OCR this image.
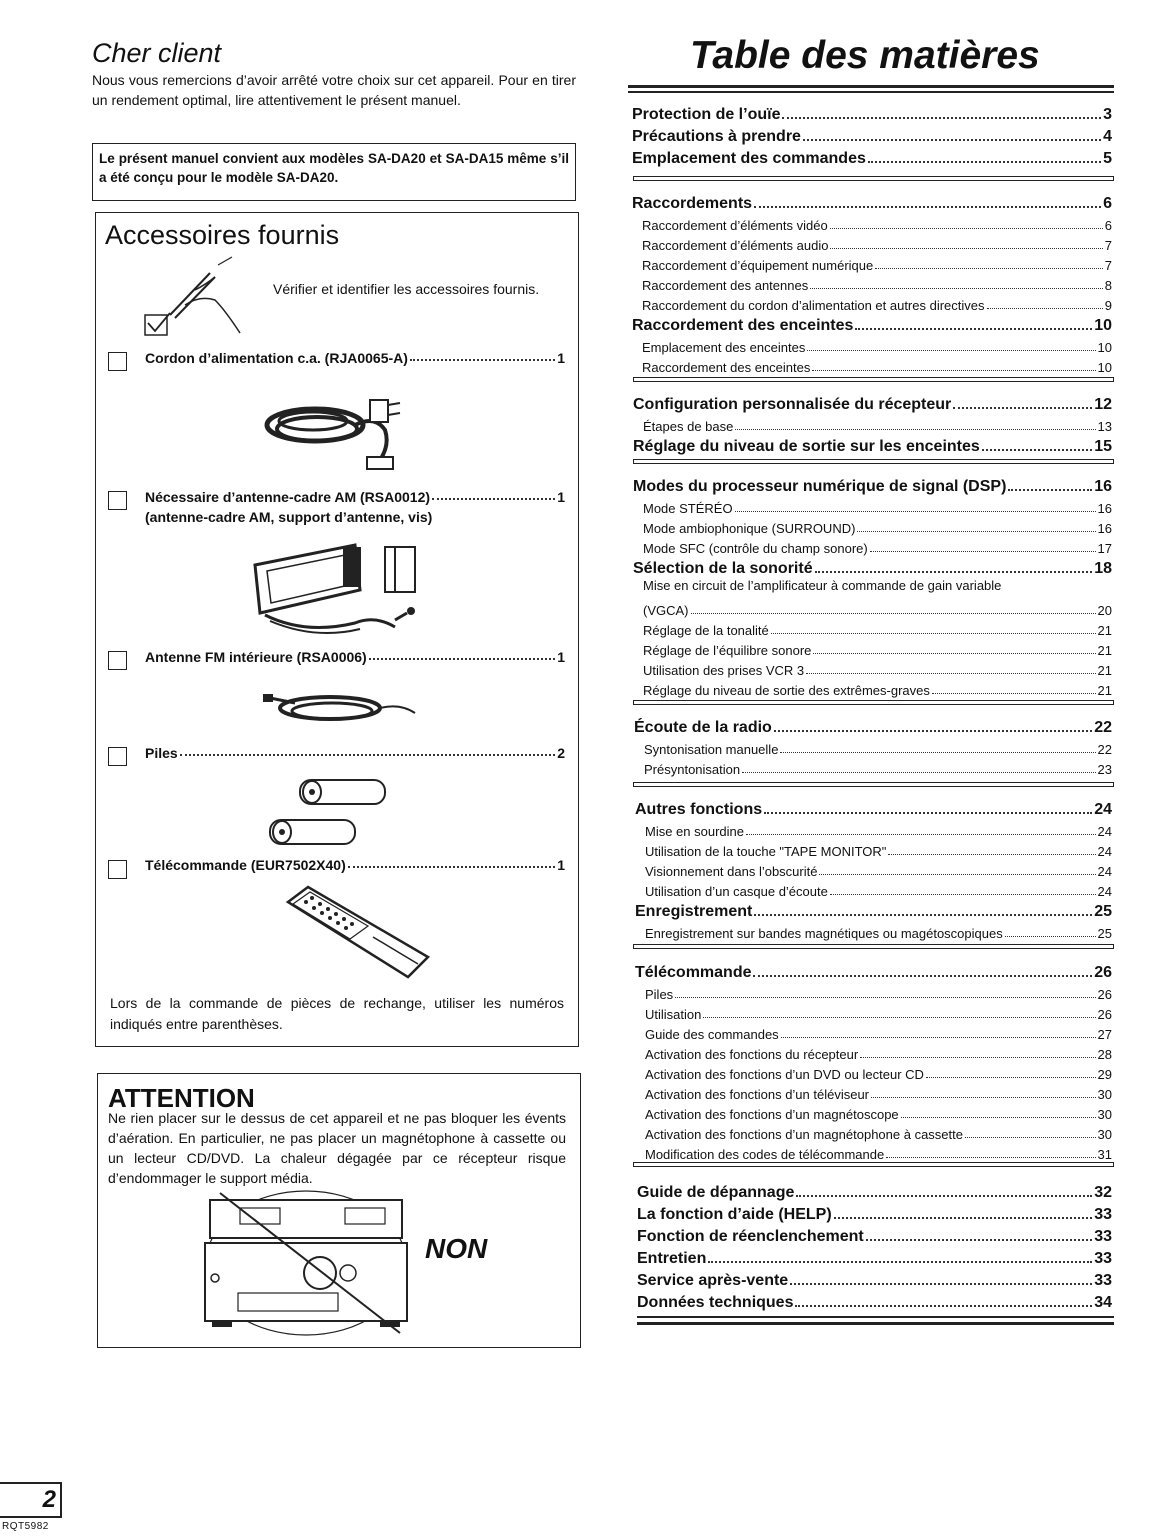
Cher client
Nous vous remercions d’avoir arrêté votre choix sur cet appareil. Pour en tirer un rendement optimal, lire attentivement le présent manuel.
Le présent manuel convient aux modèles SA-DA20 et SA-DA15 même s’il a été conçu pour le modèle SA-DA20.
Accessoires fournis
Vérifier et identifier les accessoires fournis.
Cordon d’alimentation c.a. (RJA0065-A)	1
Nécessaire d’antenne-cadre AM (RSA0012)	1
(antenne-cadre AM, support d’antenne, vis)
Antenne FM intérieure (RSA0006)	1
Piles	2
Télécommande (EUR7502X40)	1
Lors de la commande de pièces de rechange, utiliser les numéros indiqués entre parenthèses.
ATTENTION
Ne rien placer sur le dessus de cet appareil et ne pas bloquer les évents d’aération. En particulier, ne pas placer un magnétophone à cassette ou un lecteur CD/DVD. La chaleur dégagée par ce récepteur risque d’endommager le support média.
NON
Table des matières
Protection de l’ouïe	3
Précautions à prendre	4
Emplacement des commandes	5
Raccordements	6
Raccordement d’éléments vidéo	6
Raccordement d’éléments audio	7
Raccordement d’équipement numérique	7
Raccordement des antennes	8
Raccordement du cordon d’alimentation et autres directives	9
Raccordement des enceintes	10
Emplacement des enceintes	10
Raccordement des enceintes	10
Configuration personnalisée du récepteur	12
Étapes de base	13
Réglage du niveau de sortie sur les enceintes	15
Modes du processeur numérique de signal (DSP)	16
Mode STÉRÉO	16
Mode ambiophonique (SURROUND)	16
Mode SFC (contrôle du champ sonore)	17
Sélection de la sonorité	18
Mise en circuit de l’amplificateur à commande de gain variable
(VGCA)	20
Réglage de la tonalité	21
Réglage de l’équilibre sonore	21
Utilisation des prises VCR 3	21
Réglage du niveau de sortie des extrêmes-graves	21
Écoute de la radio	22
Syntonisation manuelle	22
Présyntonisation	23
Autres fonctions	24
Mise en sourdine	24
Utilisation de la touche "TAPE MONITOR"	24
Visionnement dans l’obscurité	24
Utilisation d’un casque d’écoute	24
Enregistrement	25
Enregistrement sur bandes magnétiques ou magétoscopiques	25
Télécommande	26
Piles	26
Utilisation	26
Guide des commandes	27
Activation des fonctions du récepteur	28
Activation des fonctions d’un DVD ou lecteur CD	29
Activation des fonctions d’un téléviseur	30
Activation des fonctions d’un magnétoscope	30
Activation des fonctions d’un magnétophone à cassette	30
Modification des codes de télécommande	31
Guide de dépannage	32
La fonction d’aide (HELP)	33
Fonction de réenclenchement	33
Entretien	33
Service après-vente	33
Données techniques	34
2
RQT5982
